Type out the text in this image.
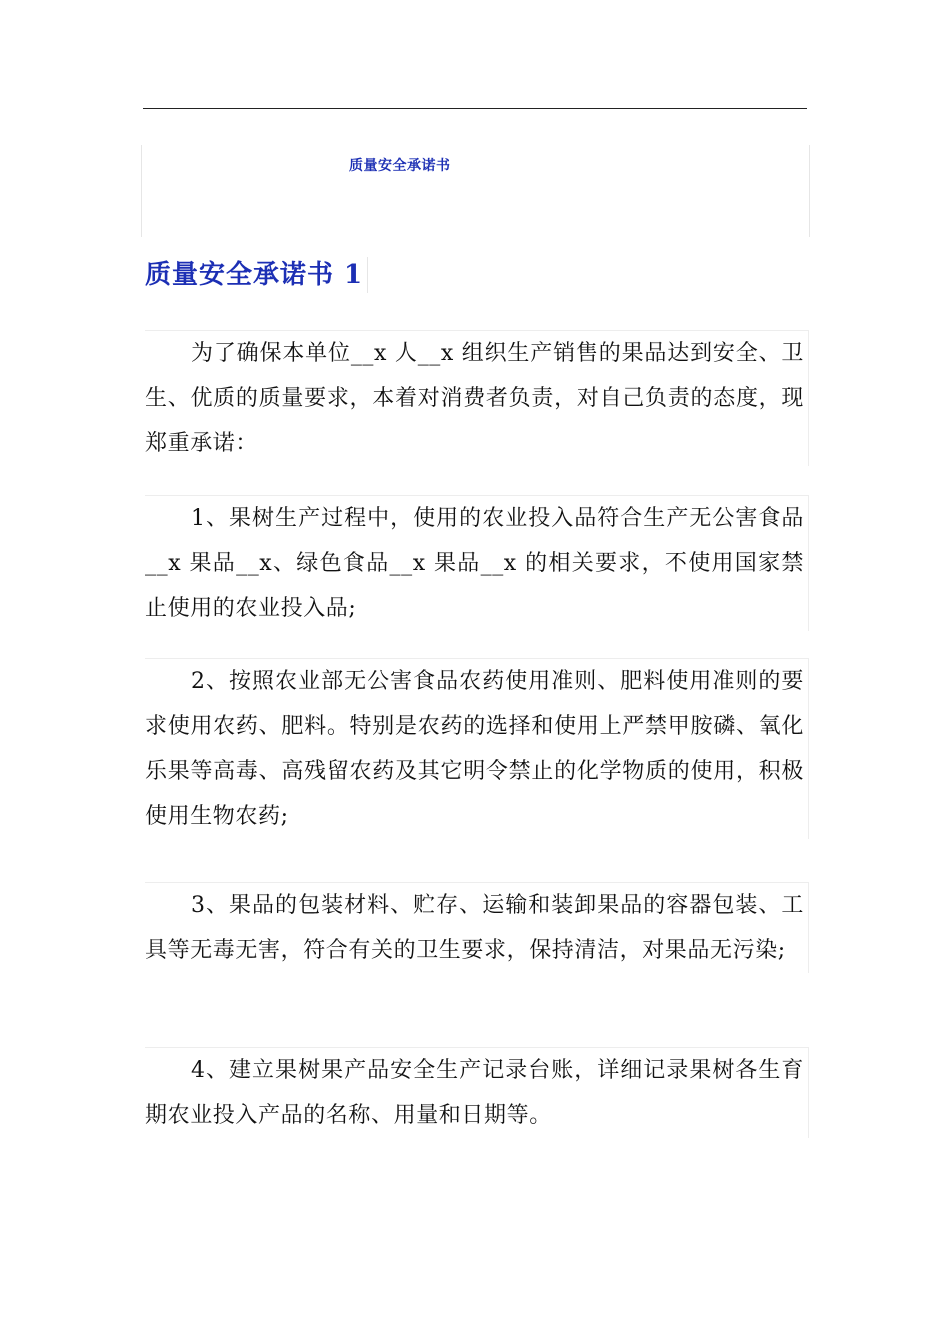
质量安全承诺书
质量安全承诺书 1
为了确保本单位__x 人__x 组织生产销售的果品达到安全、卫生、优质的质量要求，本着对消费者负责，对自己负责的态度，现郑重承诺：
1、果树生产过程中，使用的农业投入品符合生产无公害食品__x 果品__x、绿色食品__x 果品__x 的相关要求，不使用国家禁止使用的农业投入品;
2、按照农业部无公害食品农药使用准则、肥料使用准则的要求使用农药、肥料。特别是农药的选择和使用上严禁甲胺磷、氧化乐果等高毒、高残留农药及其它明令禁止的化学物质的使用，积极使用生物农药;
3、果品的包装材料、贮存、运输和装卸果品的容器包装、工具等无毒无害，符合有关的卫生要求，保持清洁，对果品无污染;
4、建立果树果产品安全生产记录台账，详细记录果树各生育期农业投入产品的名称、用量和日期等。
